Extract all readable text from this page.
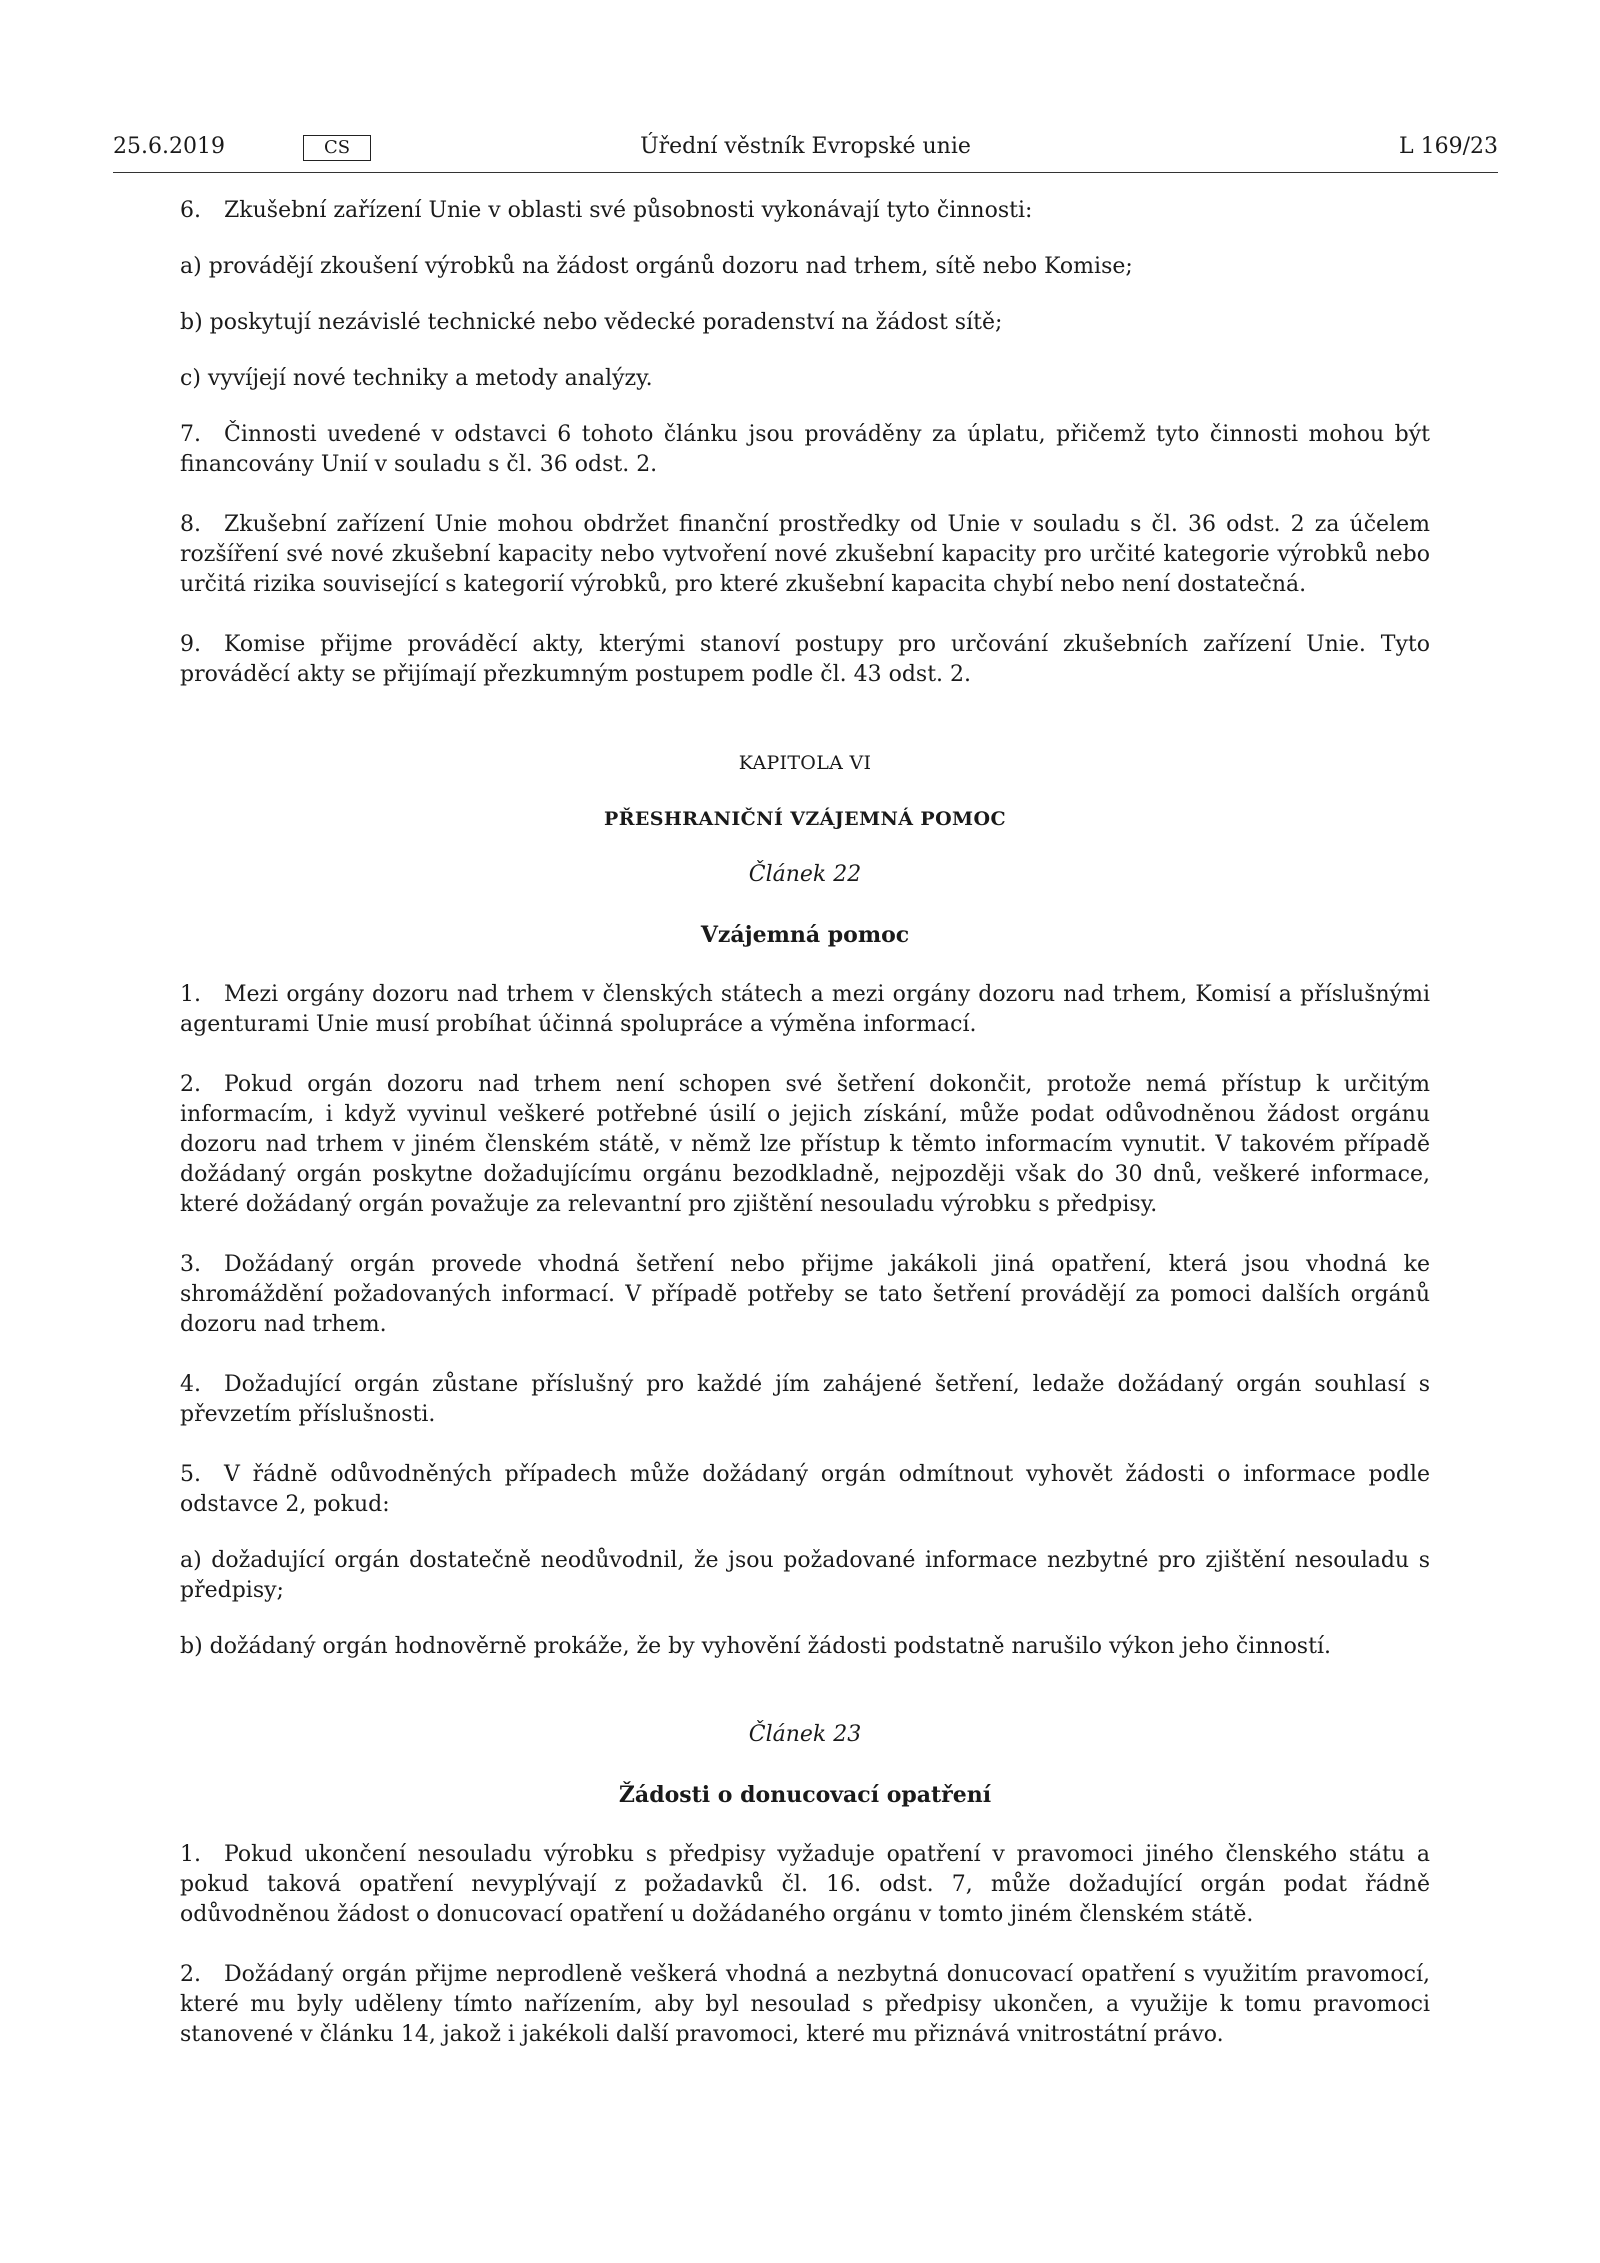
25.6.2019	CS	Úřední věstník Evropské unie	L 169/23

6. Zkušební zařízení Unie v oblasti své působnosti vykonávají tyto činnosti:

a) provádějí zkoušení výrobků na žádost orgánů dozoru nad trhem, sítě nebo Komise;

b) poskytují nezávislé technické nebo vědecké poradenství na žádost sítě;

c) vyvíjejí nové techniky a metody analýzy.

7. Činnosti uvedené v odstavci 6 tohoto článku jsou prováděny za úplatu, přičemž tyto činnosti mohou být financovány Unií v souladu s čl. 36 odst. 2.

8. Zkušební zařízení Unie mohou obdržet finanční prostředky od Unie v souladu s čl. 36 odst. 2 za účelem rozšíření své nové zkušební kapacity nebo vytvoření nové zkušební kapacity pro určité kategorie výrobků nebo určitá rizika související s kategorií výrobků, pro které zkušební kapacita chybí nebo není dostatečná.

9. Komise přijme prováděcí akty, kterými stanoví postupy pro určování zkušebních zařízení Unie. Tyto prováděcí akty se přijímají přezkumným postupem podle čl. 43 odst. 2.

KAPITOLA VI

PŘESHRANIČNÍ VZÁJEMNÁ POMOC

Článek 22

Vzájemná pomoc

1. Mezi orgány dozoru nad trhem v členských státech a mezi orgány dozoru nad trhem, Komisí a příslušnými agenturami Unie musí probíhat účinná spolupráce a výměna informací.

2. Pokud orgán dozoru nad trhem není schopen své šetření dokončit, protože nemá přístup k určitým informacím, i když vyvinul veškeré potřebné úsilí o jejich získání, může podat odůvodněnou žádost orgánu dozoru nad trhem v jiném členském státě, v němž lze přístup k těmto informacím vynutit. V takovém případě dožádaný orgán poskytne dožadujícímu orgánu bezodkladně, nejpozději však do 30 dnů, veškeré informace, které dožádaný orgán považuje za relevantní pro zjištění nesouladu výrobku s předpisy.

3. Dožádaný orgán provede vhodná šetření nebo přijme jakákoli jiná opatření, která jsou vhodná ke shromáždění požadovaných informací. V případě potřeby se tato šetření provádějí za pomoci dalších orgánů dozoru nad trhem.

4. Dožadující orgán zůstane příslušný pro každé jím zahájené šetření, ledaže dožádaný orgán souhlasí s převzetím příslušnosti.

5. V řádně odůvodněných případech může dožádaný orgán odmítnout vyhovět žádosti o informace podle odstavce 2, pokud:

a) dožadující orgán dostatečně neodůvodnil, že jsou požadované informace nezbytné pro zjištění nesouladu s předpisy;

b) dožádaný orgán hodnověrně prokáže, že by vyhovění žádosti podstatně narušilo výkon jeho činností.

Článek 23

Žádosti o donucovací opatření

1. Pokud ukončení nesouladu výrobku s předpisy vyžaduje opatření v pravomoci jiného členského státu a pokud taková opatření nevyplývají z požadavků čl. 16. odst. 7, může dožadující orgán podat řádně odůvodněnou žádost o donucovací opatření u dožádaného orgánu v tomto jiném členském státě.

2. Dožádaný orgán přijme neprodleně veškerá vhodná a nezbytná donucovací opatření s využitím pravomocí, které mu byly uděleny tímto nařízením, aby byl nesoulad s předpisy ukončen, a využije k tomu pravomoci stanovené v článku 14, jakož i jakékoli další pravomoci, které mu přiznává vnitrostátní právo.
